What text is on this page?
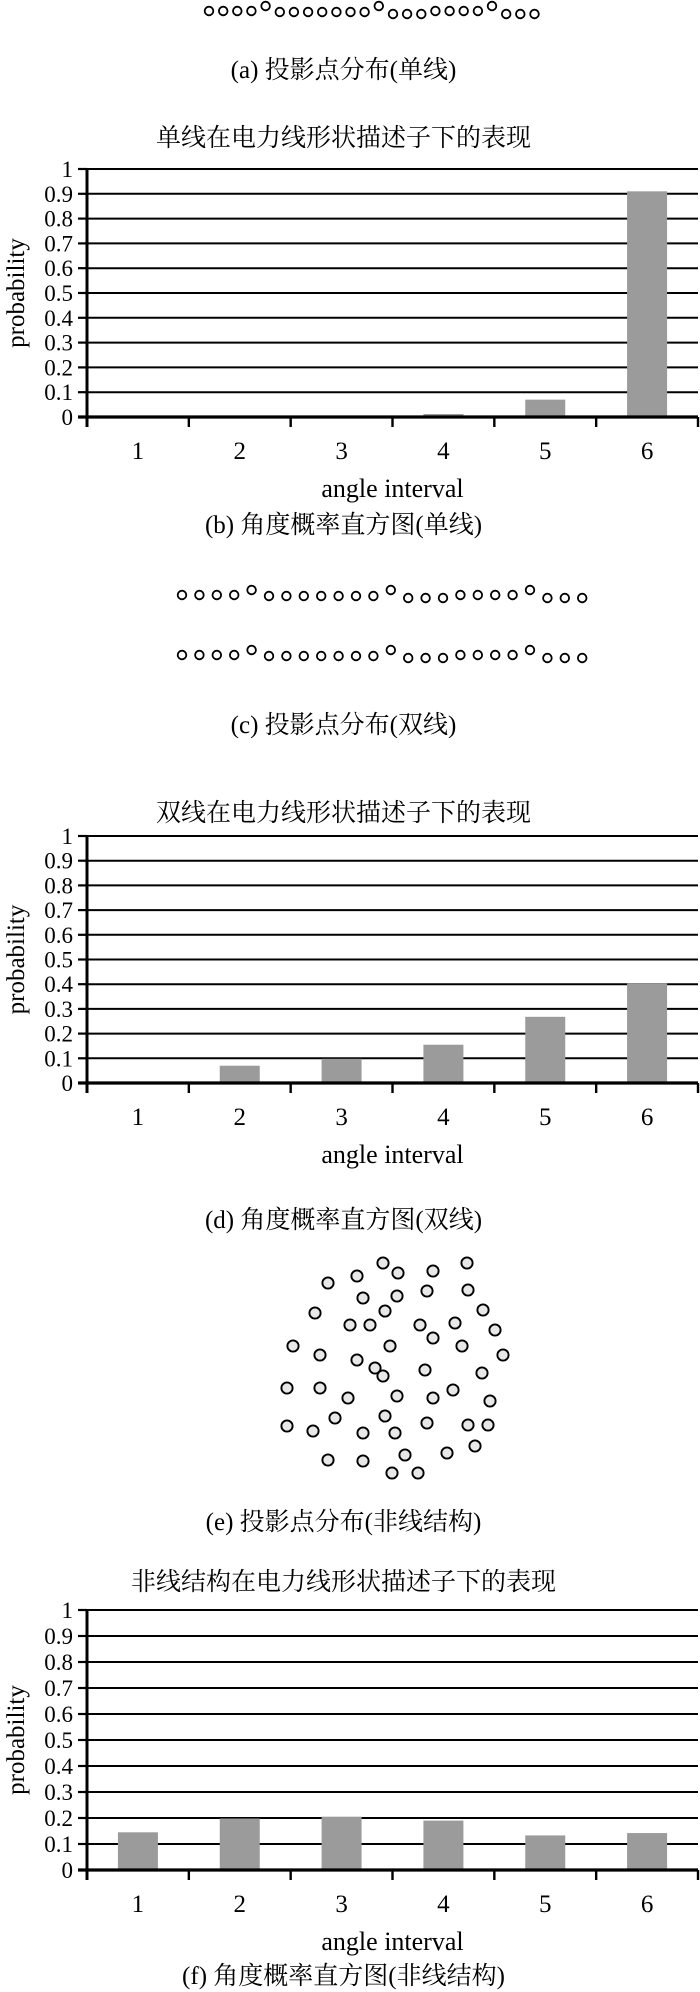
(a) 投影点分布(单线)
单线在电力线形状描述子下的表现
1
0.9
0.8
0.7
0.6
0.5
0.4
0.3
0.2
0.1
0
1	2	3	4	5	6
angle interval
probability
(b) 角度概率直方图(单线)
(c) 投影点分布(双线)
双线在电力线形状描述子下的表现
1
0.9
0.8
0.7
0.6
0.5
0.4
0.3
0.2
0.1
0
1	2	3	4	5	6
angle interval
probability
(d) 角度概率直方图(双线)
(e) 投影点分布(非线结构)
非线结构在电力线形状描述子下的表现
1
0.9
0.8
0.7
0.6
0.5
0.4
0.3
0.2
0.1
0
1	2	3	4	5	6
angle interval
probability
(f) 角度概率直方图(非线结构)
